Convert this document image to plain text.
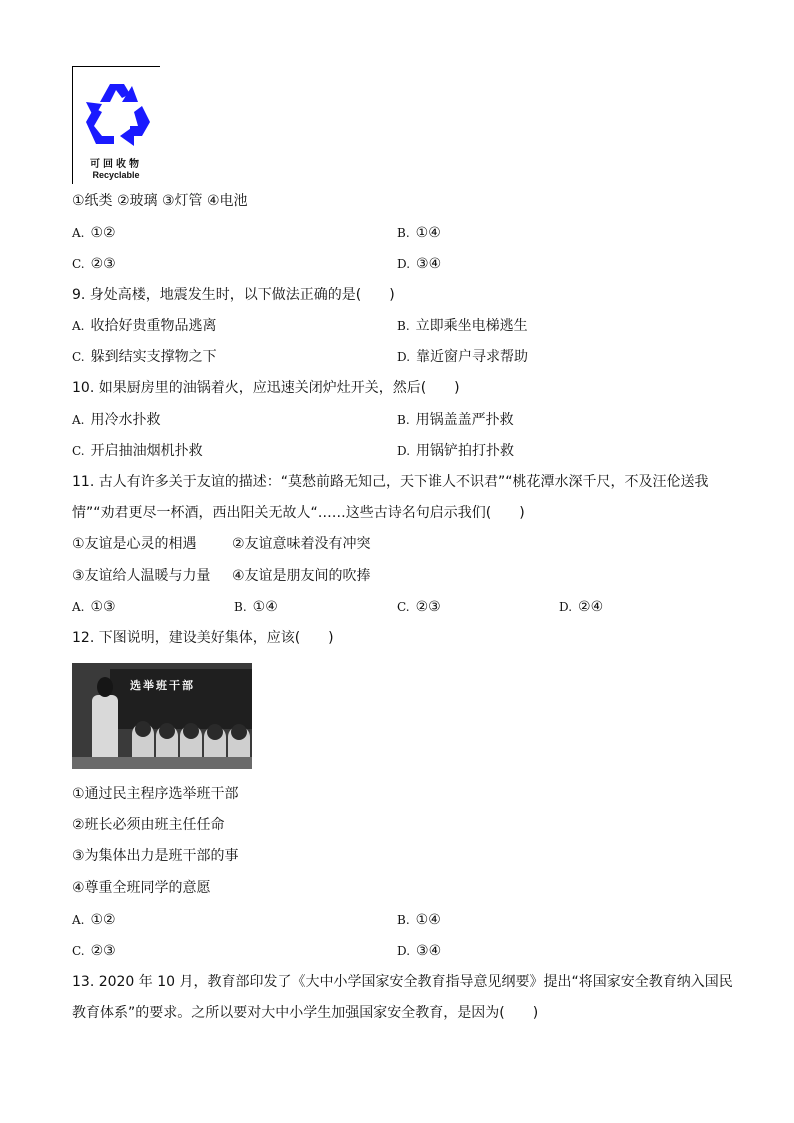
可回收物
Recyclable
①纸类 ②玻璃 ③灯管 ④电池
A. ①②	B. ①④
C. ②③	D. ③④
9. 身处高楼，地震发生时，以下做法正确的是(　　)
A. 收拾好贵重物品逃离	B. 立即乘坐电梯逃生
C. 躲到结实支撑物之下	D. 靠近窗户寻求帮助
10. 如果厨房里的油锅着火，应迅速关闭炉灶开关，然后(　　)
A. 用冷水扑救	B. 用锅盖盖严扑救
C. 开启抽油烟机扑救	D. 用锅铲拍打扑救
11. 古人有许多关于友谊的描述：“莫愁前路无知己，天下谁人不识君”“桃花潭水深千尺，不及汪伦送我
情”“劝君更尽一杯酒，西出阳关无故人“……这些古诗名句启示我们(　　)
①友谊是心灵的相遇	②友谊意味着没有冲突
③友谊给人温暖与力量 ④友谊是朋友间的吹捧
A. ①③	B. ①④	C. ②③	D. ②④
12. 下图说明，建设美好集体，应该(　　)
选举班干部
①通过民主程序选举班干部
②班长必须由班主任任命
③为集体出力是班干部的事
④尊重全班同学的意愿
A. ①②	B. ①④
C. ②③	D. ③④
13. 2020 年 10 月，教育部印发了《大中小学国家安全教育指导意见纲要》提出“将国家安全教育纳入国民
教育体系”的要求。之所以要对大中小学生加强国家安全教育，是因为(　　)
